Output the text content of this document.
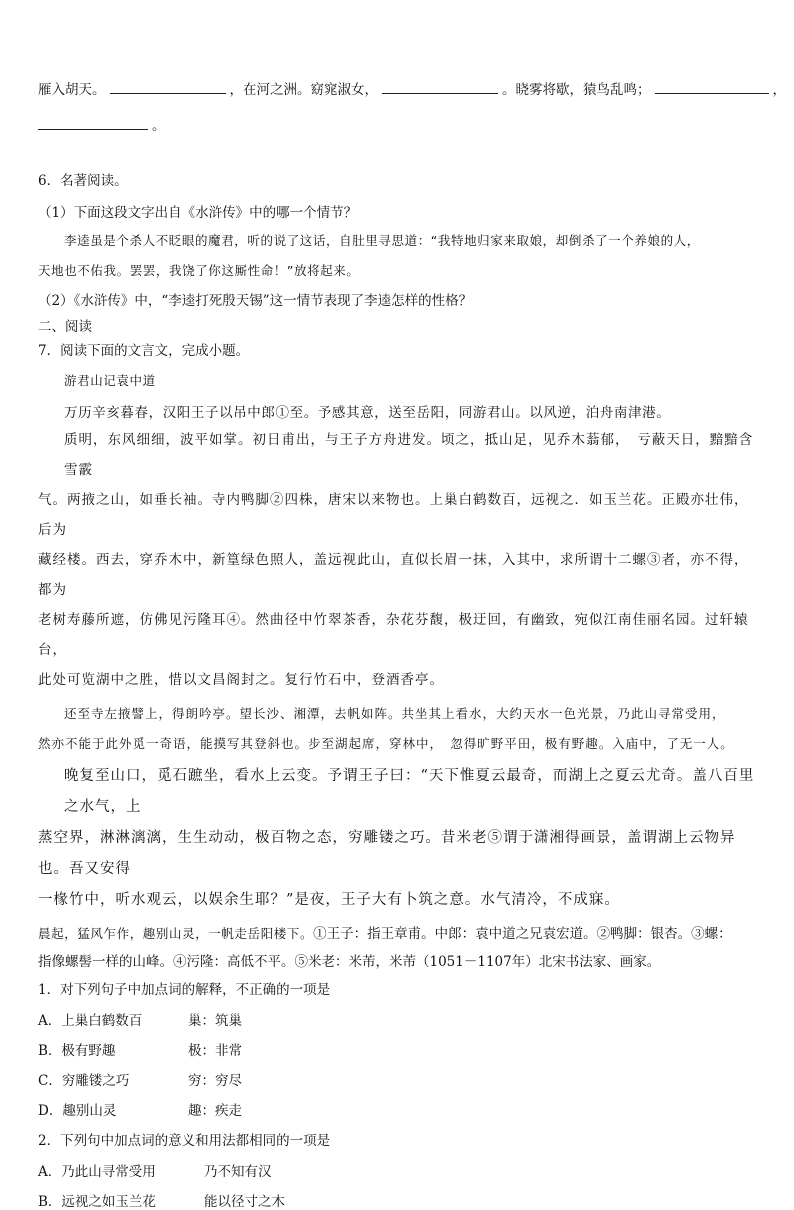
雁入胡天。	，在河之洲。窈窕淑女，	。晓雾将歇，猿鸟乱鸣；	，
。
6．名著阅读。
（1）下面这段文字出自《水浒传》中的哪一个情节？
李逵虽是个杀人不眨眼的魔君，听的说了这话，自肚里寻思道：“我特地归家来取娘，却倒杀了一个养娘的人，
天地也不佑我。罢罢，我饶了你这厮性命！”放将起来。
（2）《水浒传》中，“李逵打死殷天锡”这一情节表现了李逵怎样的性格？
二、阅读
7．阅读下面的文言文，完成小题。
游君山记袁中道
万历辛亥暮春，汉阳王子以吊中郎①至。予感其意，送至岳阳，同游君山。以风逆，泊舟南津港。
质明，东风细细，波平如掌。初日甫出，与王子方舟进发。顷之，抵山足，见乔木蓊郁，　亏蔽天日，黯黯含雪霰
气。两掖之山，如垂长袖。寺内鸭脚②四株，唐宋以来物也。上巢白鹤数百，远视之．如玉兰花。正殿亦壮伟，后为
藏经楼。西去，穿乔木中，新篁绿色照人，盖远视此山，直似长眉一抹，入其中，求所谓十二螺③者，亦不得，都为
老树寿藤所遮，仿佛见污隆耳④。然曲径中竹翠茶香，杂花芬馥，极迂回，有幽致，宛似江南佳丽名园。过轩辕台，
此处可览湖中之胜，惜以文昌阁封之。复行竹石中，登酒香亭。
还至寺左掖譬上，得朗吟亭。望长沙、湘潭，去帆如阵。共坐其上看水，大约天水一色光景，乃此山寻常受用，
然亦不能于此外觅一奇语，能摸写其登斜也。步至湖起席，穿林中，　忽得旷野平田，极有野趣。入庙中，了无一人。
晚复至山口，觅石蹠坐，看水上云变。予谓王子曰：“天下惟夏云最奇，而湖上之夏云尤奇。盖八百里之水气，上
蒸空界，淋淋漓漓，生生动动，极百物之态，穷雕镂之巧。昔米老⑤谓于潇湘得画景，盖谓湖上云物异也。吾又安得
一椽竹中，听水观云，以娱余生耶？”是夜，王子大有卜筑之意。水气清冷，不成寐。
晨起，猛风乍作，趣别山灵，一帆走岳阳楼下。①王子：指王章甫。中郎：袁中道之兄袁宏道。②鸭脚：银杏。③螺：
指像螺髻一样的山峰。④污隆：高低不平。⑤米老：米芾，米芾（1051－1107年）北宋书法家、画家。
1．对下列句子中加点词的解释，不正确的一项是
A．上巢白鹤数百	巢：筑巢
B．极有野趣	极：非常
C．穷雕镂之巧	穷：穷尽
D．趣别山灵	趣：疾走
2．下列句中加点词的意义和用法都相同的一项是
A．乃此山寻常受用	乃不知有汉
B．远视之如玉兰花	能以径寸之木
